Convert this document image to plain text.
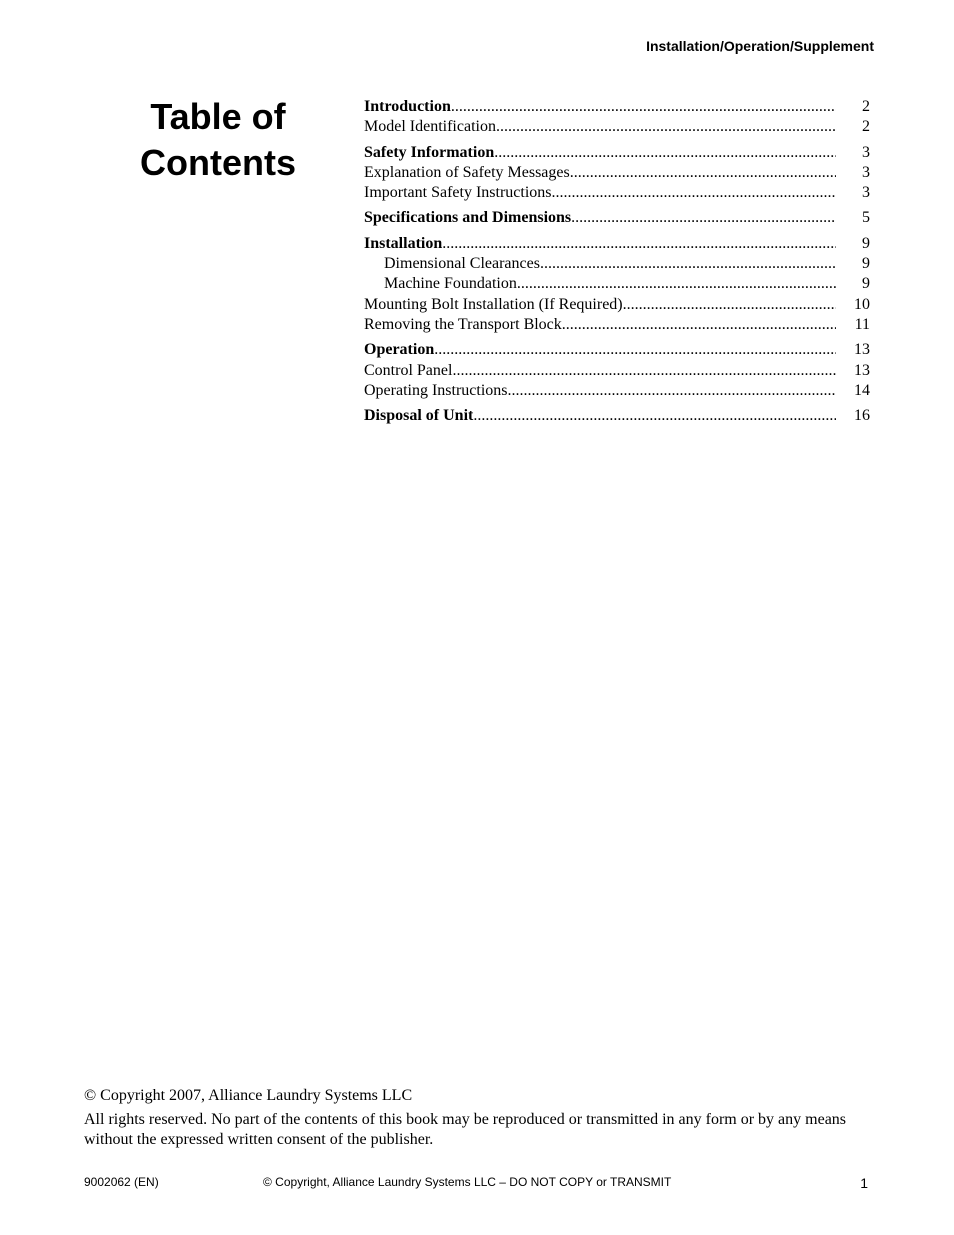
Installation/Operation/Supplement
Table of
Contents
Introduction .....	2
Model Identification .....	2
Safety Information .....	3
Explanation of Safety Messages .....	3
Important Safety Instructions .....	3
Specifications and Dimensions .....	5
Installation .....	9
Dimensional Clearances .....	9
Machine Foundation .....	9
Mounting Bolt Installation (If Required) .....	10
Removing the Transport Block .....	11
Operation .....	13
Control Panel .....	13
Operating Instructions .....	14
Disposal of Unit .....	16
© Copyright 2007, Alliance Laundry Systems LLC
All rights reserved. No part of the contents of this book may be reproduced or transmitted in any form or by any means without the expressed written consent of the publisher.
9002062 (EN)	© Copyright, Alliance Laundry Systems LLC – DO NOT COPY or TRANSMIT	1
